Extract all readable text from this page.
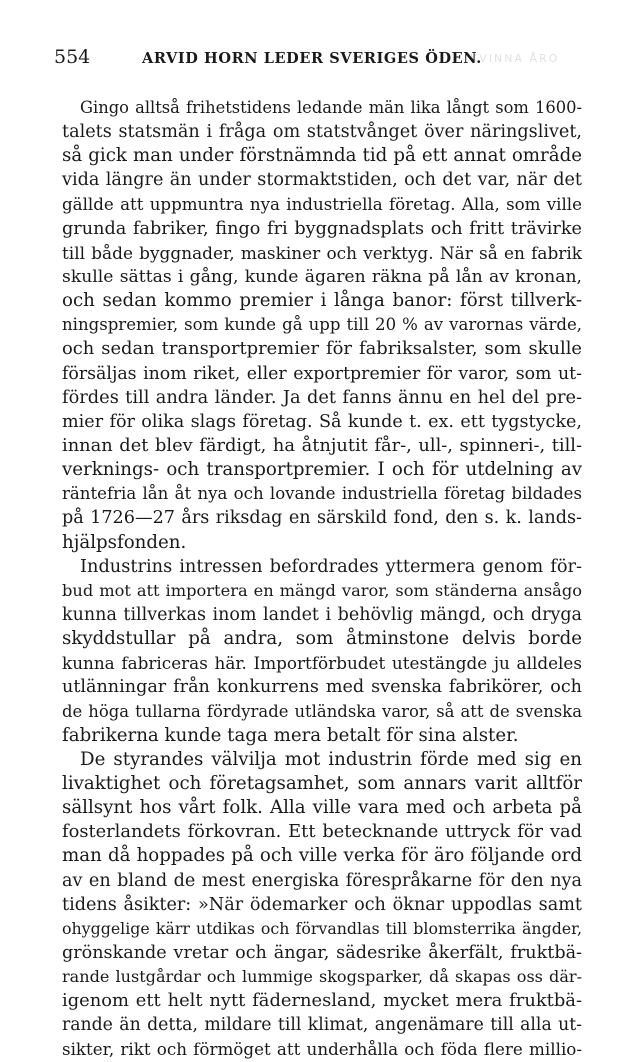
KVINNA ÅRO
554	ARVID HORN LEDER SVERIGES ÖDEN.
Gingo alltså frihetstidens ledande män lika långt som 1600-
talets statsmän i fråga om statstvånget över näringslivet,
så gick man under förstnämnda tid på ett annat område
vida längre än under stormaktstiden, och det var, när det
gällde att uppmuntra nya industriella företag. Alla, som ville
grunda fabriker, fingo fri byggnadsplats och fritt trävirke
till både byggnader, maskiner och verktyg. När så en fabrik
skulle sättas i gång, kunde ägaren räkna på lån av kronan,
och sedan kommo premier i långa banor: först tillverk-
ningspremier, som kunde gå upp till 20 % av varornas värde,
och sedan transportpremier för fabriksalster, som skulle
försäljas inom riket, eller exportpremier för varor, som ut-
fördes till andra länder. Ja det fanns ännu en hel del pre-
mier för olika slags företag. Så kunde t. ex. ett tygstycke,
innan det blev färdigt, ha åtnjutit får-, ull-, spinneri-, till-
verknings- och transportpremier. I och för utdelning av
räntefria lån åt nya och lovande industriella företag bildades
på 1726—27 års riksdag en särskild fond, den s. k. lands-
hjälpsfonden.
Industrins intressen befordrades yttermera genom för-
bud mot att importera en mängd varor, som ständerna ansågo
kunna tillverkas inom landet i behövlig mängd, och dryga
skyddstullar på andra, som åtminstone delvis borde
kunna fabriceras här. Importförbudet utestängde ju alldeles
utlänningar från konkurrens med svenska fabrikörer, och
de höga tullarna fördyrade utländska varor, så att de svenska
fabrikerna kunde taga mera betalt för sina alster.
De styrandes välvilja mot industrin förde med sig en
livaktighet och företagsamhet, som annars varit alltför
sällsynt hos vårt folk. Alla ville vara med och arbeta på
fosterlandets förkovran. Ett betecknande uttryck för vad
man då hoppades på och ville verka för äro följande ord
av en bland de mest energiska förespråkarne för den nya
tidens åsikter: »När ödemarker och öknar uppodlas samt
ohyggelige kärr utdikas och förvandlas till blomsterrika ängder,
grönskande vretar och ängar, sädesrike åkerfält, fruktbä-
rande lustgårdar och lummige skogsparker, då skapas oss där-
igenom ett helt nytt fädernesland, mycket mera fruktbä-
rande än detta, mildare till klimat, angenämare till alla ut-
sikter, rikt och förmöget att underhålla och föda flere millio-
